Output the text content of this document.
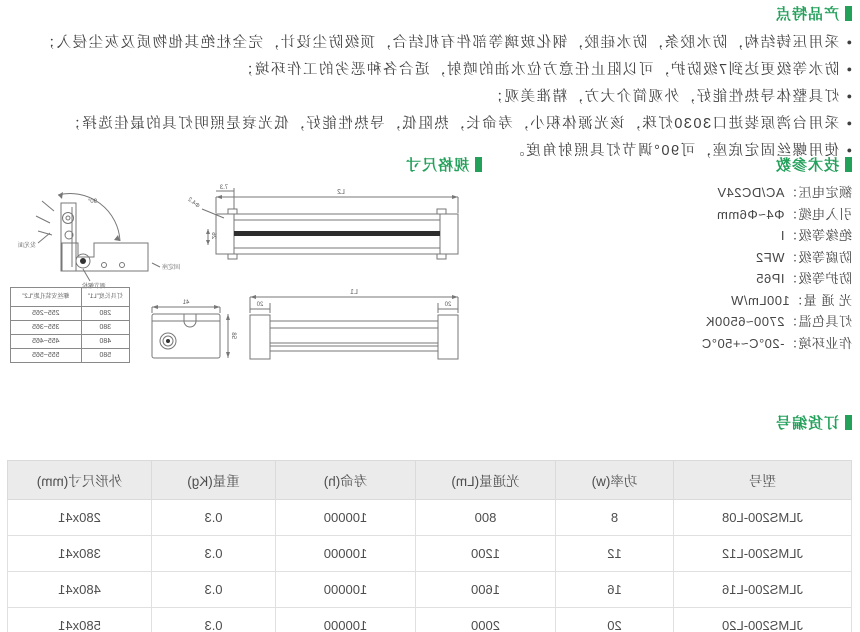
产品特点
●采用压铸结构，防水胶条，防水硅胶，钢化玻璃等部件有机结合，顶级防尘设计，完全杜绝其他物质及灰尘侵入；
●防水等级更达到7级防护，可以阻止任意方位水油的喷射，适合各种恶劣的工作环境；
●灯具整体导热性能好，外观简介大方，精准美观；
●采用台湾原装进口3030灯珠，该光源体积小，寿命长，热阻低，导热性能好，低光衰是照明灯具的最佳选择；
●使用螺丝固定底座，可90°调节灯具照射角度。
技术参数
额定电压：AC/DC24V
引入电缆：Φ4~Φ6mm
绝缘等级：I
防腐等级：WF2
防护等级：IP65
光 通 量：100Lm/W
灯具色温：2700~6500K
作业环境：-20°C~+50°C
规格尺寸
L2
7.3
Φ4.2
26
90°
L1
20
20
41
58
发光面
固定座
调节螺栓
灯具长度"L1"	螺丝安装孔距"L2"
280	255~265
380	355~365
480	455~465
580	555~565
订货编号
型号	功率(w)	光通量(Lm)	寿命(h)	重量(Kg)	外形尺寸(mm)
JLMS200-L08	8	800	100000	0.3	280x41
JLMS200-L12	12	1200	100000	0.3	380x41
JLMS200-L16	16	1600	100000	0.3	480x41
JLMS200-L20	20	2000	100000	0.3	580x41
